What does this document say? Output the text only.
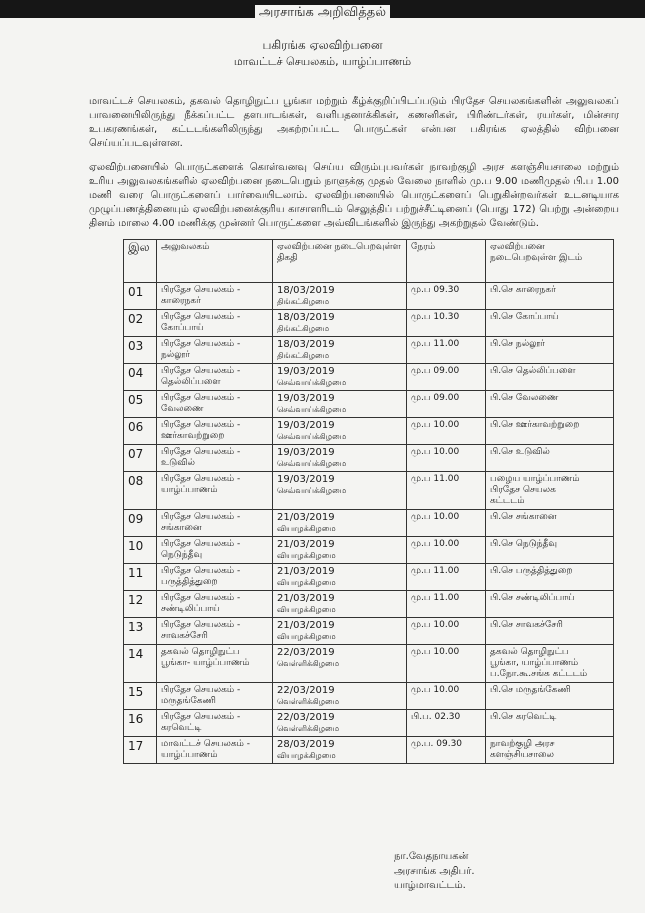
அரசாங்க அறிவித்தல்
பகிரங்க ஏலவிற்பனை
மாவட்டச் செயலகம், யாழ்ப்பாணம்
மாவட்டச் செயலகம், தகவல் தொழிநுட்ப பூங்கா மற்றும் கீழ்க்குறிப்பிடப்படும் பிரதேச செயலகங்களின் அலுவலகப் பாவனையிலிருந்து நீக்கப்பட்ட தளபாடங்கள், வளிபதனாக்கிகள், கணனிகள், பிரிண்டர்கள், ரயர்கள், மின்சார உபகரணங்கள், கட்டடங்களிலிருந்து அகற்றப்பட்ட பொருட்கள் என்பன பகிரங்க ஏலத்தில் விற்பனை செய்யப்படவுள்ளன.
ஏலவிற்பனையில் பொருட்களைக் கொள்வனவு செய்ய விரும்புபவர்கள் நாவற்குழி அரச களஞ்சியசாலை மற்றும் உரிய அலுவலகங்களில் ஏலவிற்பனை நடைபெறும் நாளுக்கு முதல் வேலை நாளில் மு.ப 9.00 மணிமுதல் பி.ப 1.00 மணி வரை பொருட்களைப் பார்வையிடலாம். ஏலவிற்பனையில் பொருட்களைப் பெறுகின்றவர்கள் உடனடியாக முழுப்பணத்தினையும் ஏலவிற்பனைக்குரிய காசாளரிடம் செலுத்திப் பற்றுச்சீட்டினைப் (பொது 172) பெற்று அன்றைய தினம் மாலை 4.00 மணிக்கு முன்னர் பொருட்களை அவ்விடங்களில் இருந்து அகற்றுதல் வேண்டும்.
இல	அலுவலகம்	ஏலவிற்பனை நடைபெறவுள்ள திகதி	நேரம்	ஏலவிற்பனை நடைபெறவுள்ள இடம்
01	பிரதேச செயலகம் -
காரைநகர்	18/03/2019
திங்கட்கிழமை	மு.ப 09.30	பி.செ காரைநகர்

02	பிரதேச செயலகம் -
கோப்பாய்	18/03/2019
திங்கட்கிழமை	மு.ப 10.30	பி.செ கோப்பாய்

03	பிரதேச செயலகம் -
நல்லூர்	18/03/2019
திங்கட்கிழமை	மு.ப 11.00	பி.செ நல்லூர்

04	பிரதேச செயலகம் -
தெல்லிப்பளை	19/03/2019
செவ்வாய்க்கிழமை	மு.ப 09.00	பி.செ தெல்லிப்பளை

05	பிரதேச செயலகம் -
வேலணை	19/03/2019
செவ்வாய்க்கிழமை	மு.ப 09.00	பி.செ வேலணை

06	பிரதேச செயலகம் -
ஊர்காவற்றுறை	19/03/2019
செவ்வாய்க்கிழமை	மு.ப 10.00	பி.செ ஊர்காவற்றுறை

07	பிரதேச செயலகம் -
உடுவில்	19/03/2019
செவ்வாய்க்கிழமை	மு.ப 10.00	பி.செ உடுவில்

08	பிரதேச செயலகம் -
யாழ்ப்பாணம்	19/03/2019
செவ்வாய்க்கிழமை	மு.ப 11.00	பழைய யாழ்ப்பாணம்
பிரதேச செயலக
கட்டடம்

09	பிரதேச செயலகம் -
சங்கானை	21/03/2019
வியாழக்கிழமை	மு.ப 10.00	பி.செ சங்கானை

10	பிரதேச செயலகம் -
நெடுந்தீவு	21/03/2019
வியாழக்கிழமை	மு.ப 10.00	பி.செ நெடுந்தீவு

11	பிரதேச செயலகம் -
பருத்தித்துறை	21/03/2019
வியாழக்கிழமை	மு.ப 11.00	பி.செ பருத்தித்துறை

12	பிரதேச செயலகம் -
சண்டிலிப்பாய்	21/03/2019
வியாழக்கிழமை	மு.ப 11.00	பி.செ சண்டிலிப்பாய்

13	பிரதேச செயலகம் -
சாவகச்சேரி	21/03/2019
வியாழக்கிழமை	மு.ப 10.00	பி.செ சாவகச்சேரி

14	தகவல் தொழிநுட்ப
பூங்கா- யாழ்ப்பாணம்	22/03/2019
வெள்ளிக்கிழமை	மு.ப 10.00	தகவல் தொழிநுட்ப
பூங்கா, யாழ்ப்பாணம்
ப.நோ.கூ.சங்க கட்டடம்

15	பிரதேச செயலகம் -
மருதங்கேணி	22/03/2019
வெள்ளிக்கிழமை	மு.ப 10.00	பி.செ மருதங்கேணி

16	பிரதேச செயலகம் -
கரவெட்டி	22/03/2019
வெள்ளிக்கிழமை	பி.ப. 02.30	பி.செ கரவெட்டி

17	மாவட்டச் செயலகம் -
யாழ்ப்பாணம்	28/03/2019
வியாழக்கிழமை	மு.ப. 09.30	நாவற்குழி அரச
களஞ்சியசாலை
நா.வேதநாயகன்
அரசாங்க அதிபர்.
யாழ்மாவட்டம்.
